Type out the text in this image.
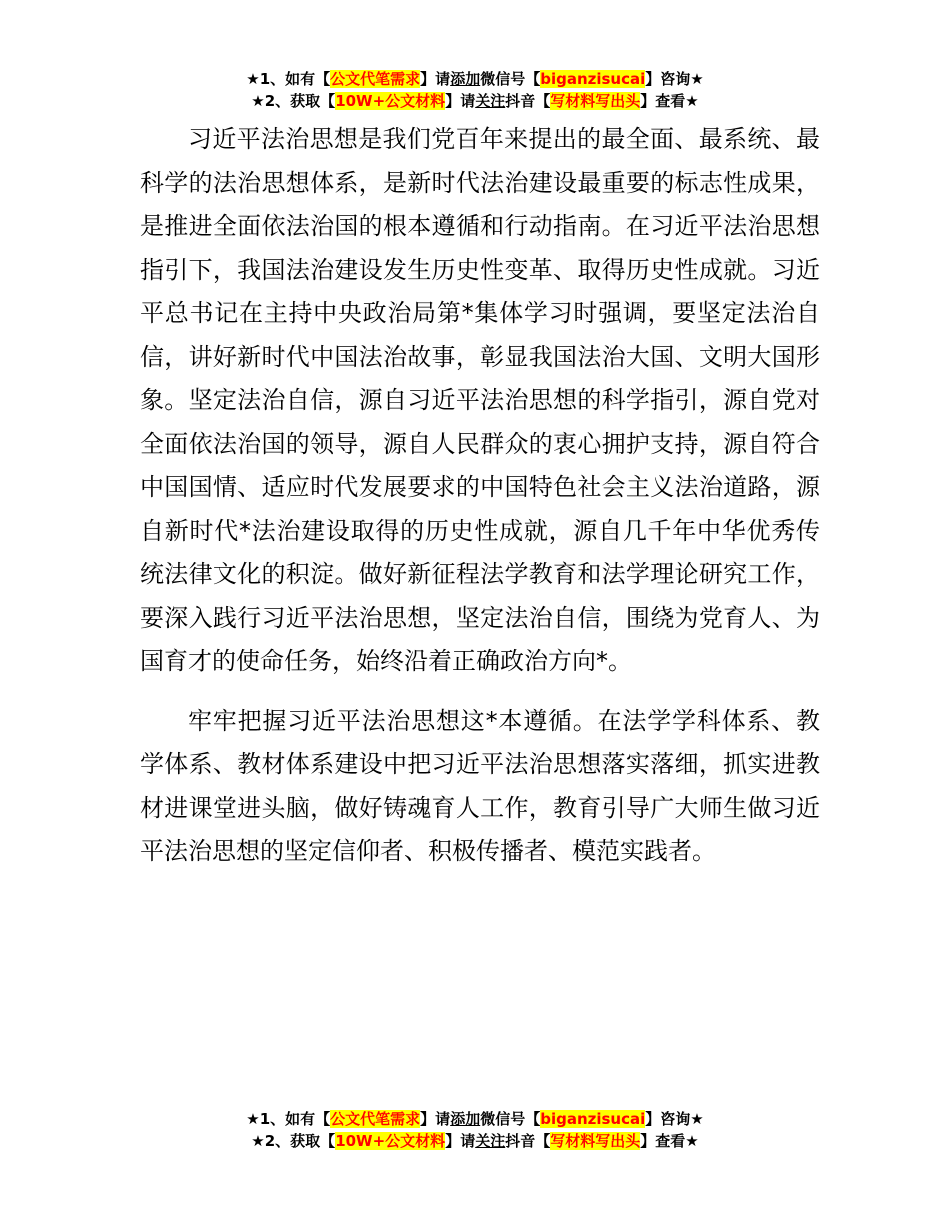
★1、如有【公文代笔需求】请添加微信号【biganzisucai】咨询★
★2、获取【10W+公文材料】请关注抖音【写材料写出头】查看★

习近平法治思想是我们党百年来提出的最全面、最系统、最科学的法治思想体系，是新时代法治建设最重要的标志性成果，是推进全面依法治国的根本遵循和行动指南。在习近平法治思想指引下，我国法治建设发生历史性变革、取得历史性成就。习近平总书记在主持中央政治局第*集体学习时强调，要坚定法治自信，讲好新时代中国法治故事，彰显我国法治大国、文明大国形象。坚定法治自信，源自习近平法治思想的科学指引，源自党对全面依法治国的领导，源自人民群众的衷心拥护支持，源自符合中国国情、适应时代发展要求的中国特色社会主义法治道路，源自新时代*法治建设取得的历史性成就，源自几千年中华优秀传统法律文化的积淀。做好新征程法学教育和法学理论研究工作，要深入践行习近平法治思想，坚定法治自信，围绕为党育人、为国育才的使命任务，始终沿着正确政治方向*。

牢牢把握习近平法治思想这*本遵循。在法学学科体系、教学体系、教材体系建设中把习近平法治思想落实落细，抓实进教材进课堂进头脑，做好铸魂育人工作，教育引导广大师生做习近平法治思想的坚定信仰者、积极传播者、模范实践者。

★1、如有【公文代笔需求】请添加微信号【biganzisucai】咨询★
★2、获取【10W+公文材料】请关注抖音【写材料写出头】查看★
